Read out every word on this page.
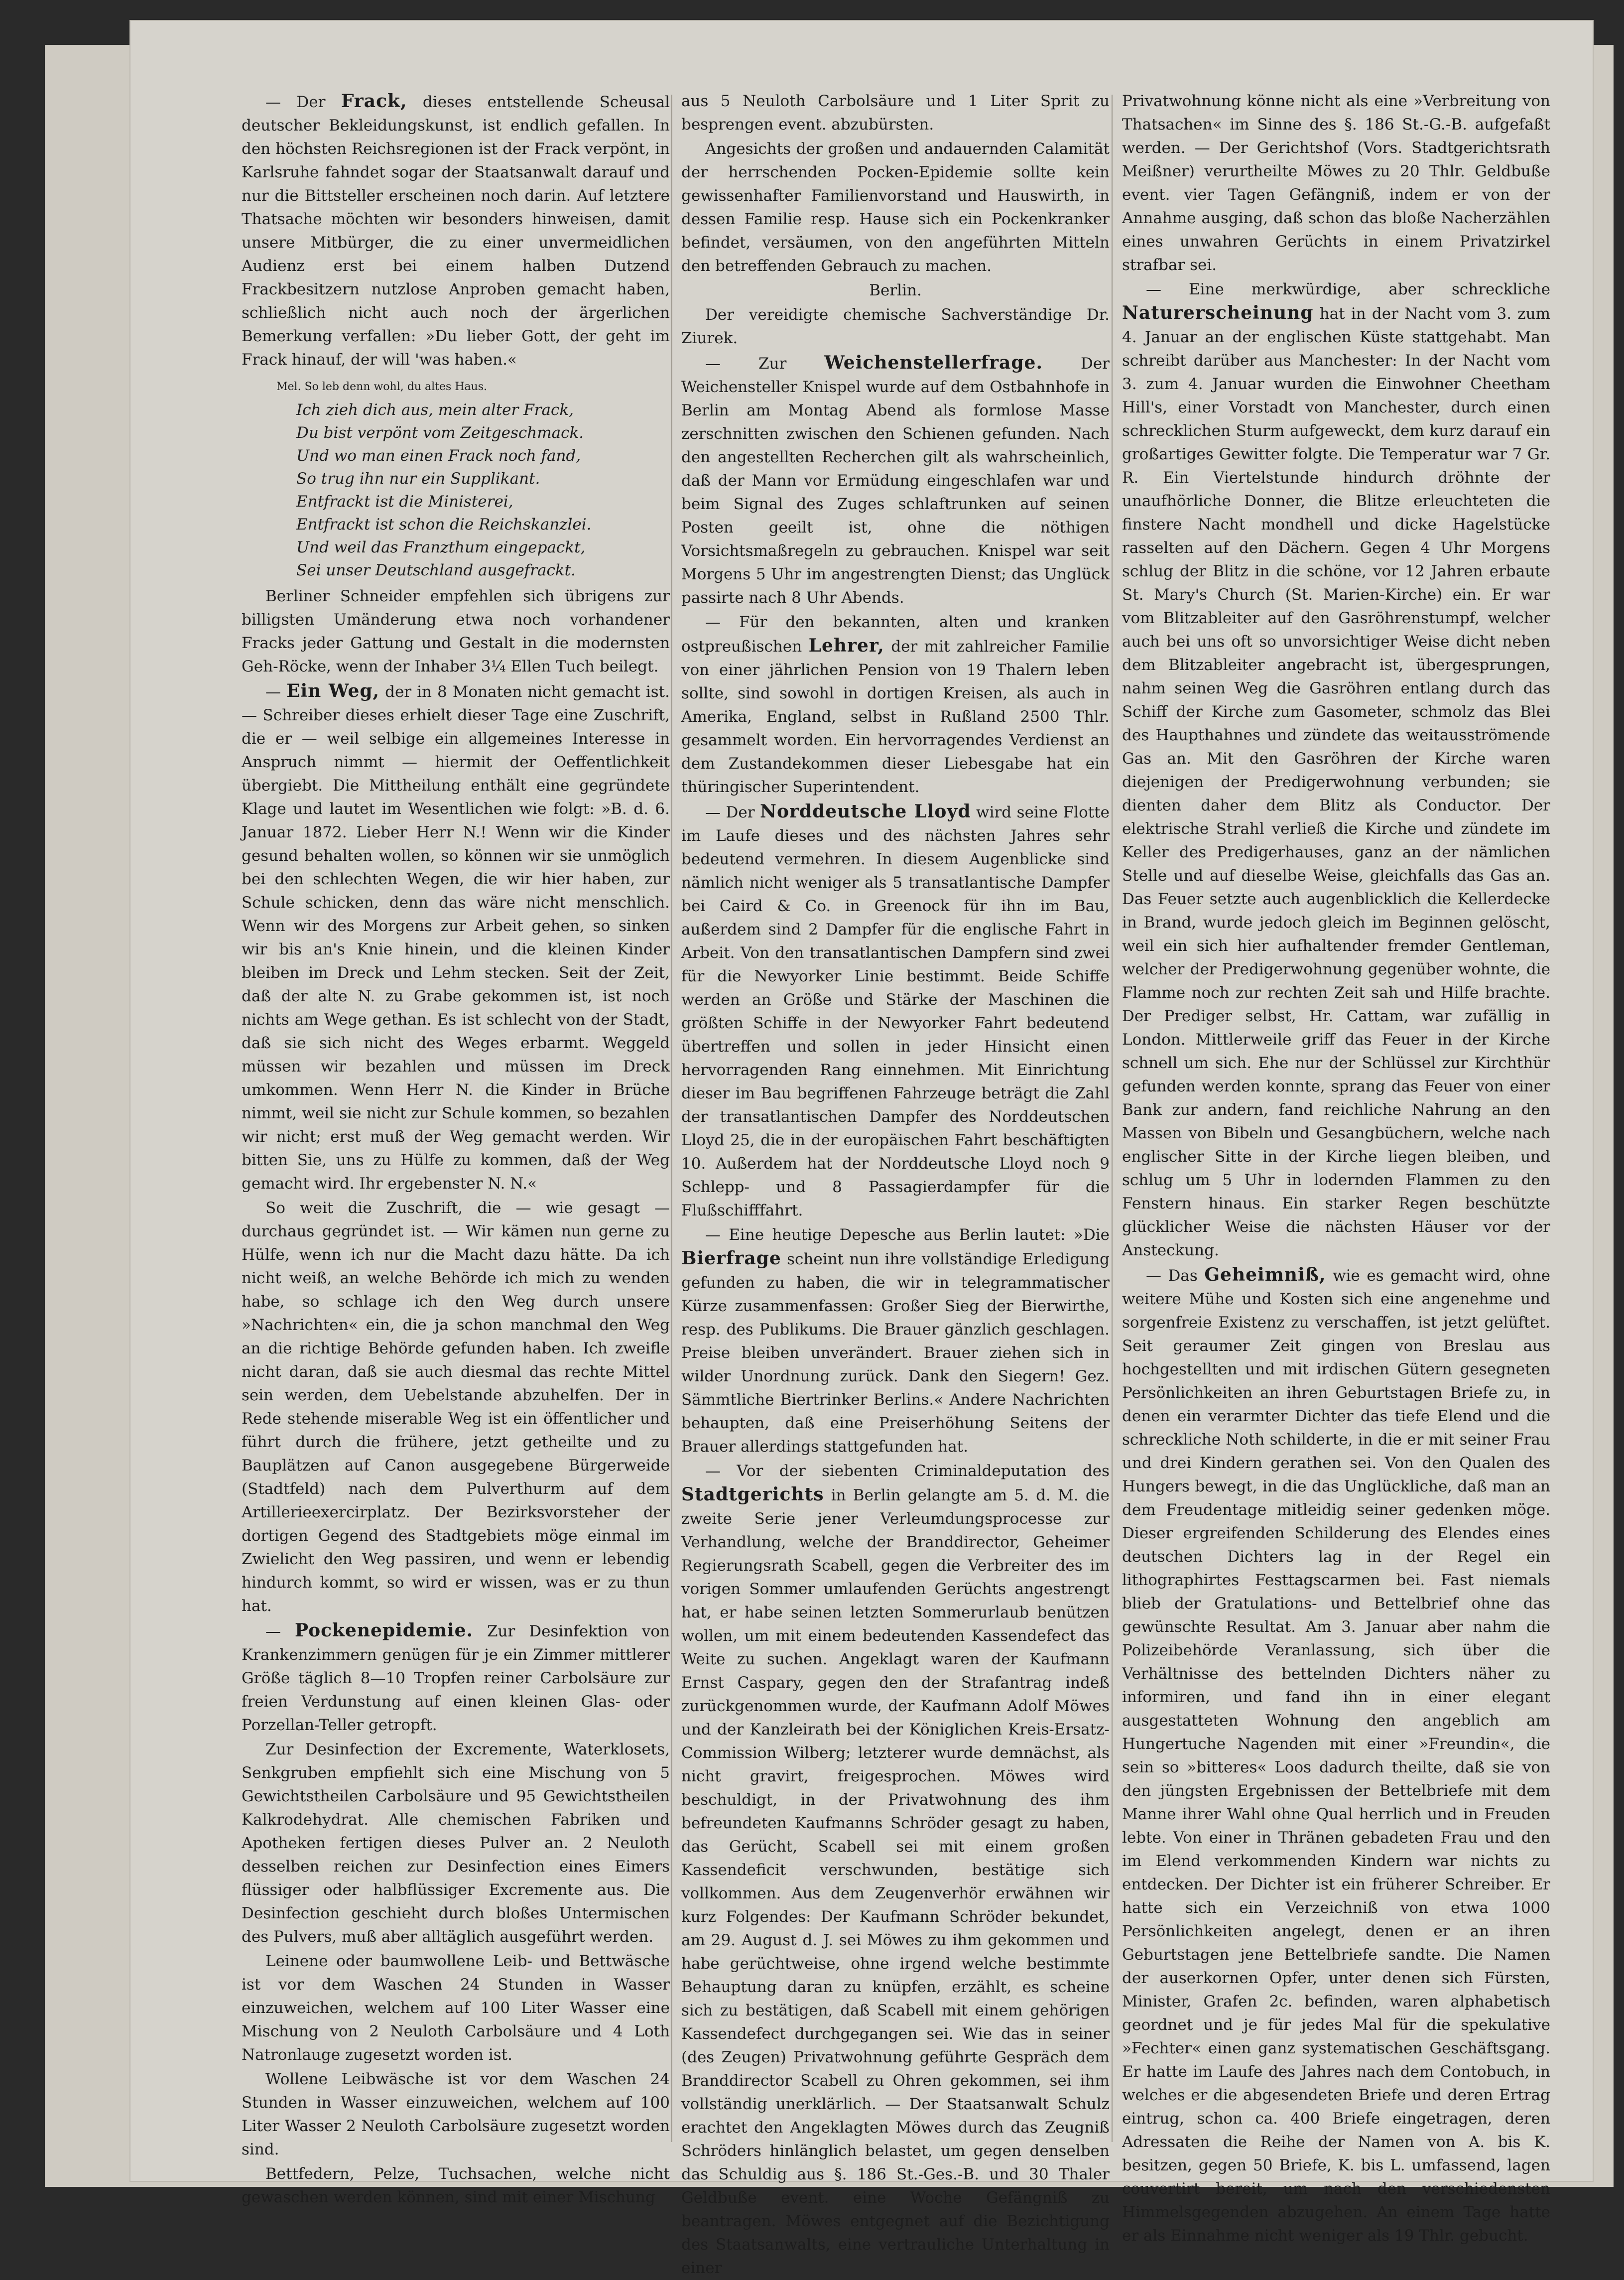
— Der Frack, dieses entstellende Scheusal deutscher Bekleidungskunst, ist endlich gefallen. In den höchsten Reichsregionen ist der Frack verpönt, in Karlsruhe fahndet sogar der Staatsanwalt darauf und nur die Bittsteller erscheinen noch darin. Auf letztere Thatsache möchten wir besonders hinweisen, damit unsere Mitbürger, die zu einer unvermeidlichen Audienz erst bei einem halben Dutzend Frackbesitzern nutzlose Anproben gemacht haben, schließlich nicht auch noch der ärgerlichen Bemerkung verfallen: »Du lieber Gott, der geht im Frack hinauf, der will 'was haben.«

Mel. So leb denn wohl, du altes Haus.
Ich zieh dich aus, mein alter Frack,
Du bist verpönt vom Zeitgeschmack.
Und wo man einen Frack noch fand,
So trug ihn nur ein Supplikant.
Entfrackt ist die Ministerei,
Entfrackt ist schon die Reichskanzlei.
Und weil das Franzthum eingepackt,
Sei unser Deutschland ausgefrackt.

Berliner Schneider empfehlen sich übrigens zur billigsten Umänderung etwa noch vorhandener Fracks jeder Gattung und Gestalt in die modernsten Geh-Röcke, wenn der Inhaber 3¼ Ellen Tuch beilegt.

— Ein Weg, der in 8 Monaten nicht gemacht ist. — Schreiber dieses erhielt dieser Tage eine Zuschrift, die er — weil selbige ein allgemeines Interesse in Anspruch nimmt — hiermit der Oeffentlichkeit übergiebt. Die Mittheilung enthält eine gegründete Klage und lautet im Wesentlichen wie folgt: »B. d. 6. Januar 1872. Lieber Herr N.! Wenn wir die Kinder gesund behalten wollen, so können wir sie unmöglich bei den schlechten Wegen, die wir hier haben, zur Schule schicken, denn das wäre nicht menschlich. Wenn wir des Morgens zur Arbeit gehen, so sinken wir bis an's Knie hinein, und die kleinen Kinder bleiben im Dreck und Lehm stecken. Seit der Zeit, daß der alte N. zu Grabe gekommen ist, ist noch nichts am Wege gethan. Es ist schlecht von der Stadt, daß sie sich nicht des Weges erbarmt. Weggeld müssen wir bezahlen und müssen im Dreck umkommen. Wenn Herr N. die Kinder in Brüche nimmt, weil sie nicht zur Schule kommen, so bezahlen wir nicht; erst muß der Weg gemacht werden. Wir bitten Sie, uns zu Hülfe zu kommen, daß der Weg gemacht wird. Ihr ergebenster N. N.«

So weit die Zuschrift, die — wie gesagt — durchaus gegründet ist. — Wir kämen nun gerne zu Hülfe, wenn ich nur die Macht dazu hätte. Da ich nicht weiß, an welche Behörde ich mich zu wenden habe, so schlage ich den Weg durch unsere »Nachrichten« ein, die ja schon manchmal den Weg an die richtige Behörde gefunden haben. Ich zweifle nicht daran, daß sie auch diesmal das rechte Mittel sein werden, dem Uebelstande abzuhelfen. Der in Rede stehende miserable Weg ist ein öffentlicher und führt durch die frühere, jetzt getheilte und zu Bauplätzen auf Canon ausgegebene Bürgerweide (Stadtfeld) nach dem Pulverthurm auf dem Artillerieexercirplatz. Der Bezirksvorsteher der dortigen Gegend des Stadtgebiets möge einmal im Zwielicht den Weg passiren, und wenn er lebendig hindurch kommt, so wird er wissen, was er zu thun hat.

— Pockenepidemie. Zur Desinfektion von Krankenzimmern genügen für je ein Zimmer mittlerer Größe täglich 8—10 Tropfen reiner Carbolsäure zur freien Verdunstung auf einen kleinen Glas- oder Porzellan-Teller getropft.

Zur Desinfection der Excremente, Waterklosets, Senkgruben empfiehlt sich eine Mischung von 5 Gewichtstheilen Carbolsäure und 95 Gewichtstheilen Kalkrodehydrat. Alle chemischen Fabriken und Apotheken fertigen dieses Pulver an. 2 Neuloth desselben reichen zur Desinfection eines Eimers flüssiger oder halbflüssiger Excremente aus. Die Desinfection geschieht durch bloßes Untermischen des Pulvers, muß aber alltäglich ausgeführt werden.

Leinene oder baumwollene Leib- und Bettwäsche ist vor dem Waschen 24 Stunden in Wasser einzuweichen, welchem auf 100 Liter Wasser eine Mischung von 2 Neuloth Carbolsäure und 4 Loth Natronlauge zugesetzt worden ist.

Wollene Leibwäsche ist vor dem Waschen 24 Stunden in Wasser einzuweichen, welchem auf 100 Liter Wasser 2 Neuloth Carbolsäure zugesetzt worden sind.

Bettfedern, Pelze, Tuchsachen, welche nicht gewaschen werden können, sind mit einer Mischung

aus 5 Neuloth Carbolsäure und 1 Liter Sprit zu besprengen event. abzubürsten.

Angesichts der großen und andauernden Calamität der herrschenden Pocken-Epidemie sollte kein gewissenhafter Familienvorstand und Hauswirth, in dessen Familie resp. Hause sich ein Pockenkranker befindet, versäumen, von den angeführten Mitteln den betreffenden Gebrauch zu machen.

Berlin.

Der vereidigte chemische Sachverständige Dr. Ziurek.

— Zur Weichenstellerfrage. Der Weichensteller Knispel wurde auf dem Ostbahnhofe in Berlin am Montag Abend als formlose Masse zerschnitten zwischen den Schienen gefunden. Nach den angestellten Recherchen gilt als wahrscheinlich, daß der Mann vor Ermüdung eingeschlafen war und beim Signal des Zuges schlaftrunken auf seinen Posten geeilt ist, ohne die nöthigen Vorsichtsmaßregeln zu gebrauchen. Knispel war seit Morgens 5 Uhr im angestrengten Dienst; das Unglück passirte nach 8 Uhr Abends.

— Für den bekannten, alten und kranken ostpreußischen Lehrer, der mit zahlreicher Familie von einer jährlichen Pension von 19 Thalern leben sollte, sind sowohl in dortigen Kreisen, als auch in Amerika, England, selbst in Rußland 2500 Thlr. gesammelt worden. Ein hervorragendes Verdienst an dem Zustandekommen dieser Liebesgabe hat ein thüringischer Superintendent.

— Der Norddeutsche Lloyd wird seine Flotte im Laufe dieses und des nächsten Jahres sehr bedeutend vermehren. In diesem Augenblicke sind nämlich nicht weniger als 5 transatlantische Dampfer bei Caird & Co. in Greenock für ihn im Bau, außerdem sind 2 Dampfer für die englische Fahrt in Arbeit. Von den transatlantischen Dampfern sind zwei für die Newyorker Linie bestimmt. Beide Schiffe werden an Größe und Stärke der Maschinen die größten Schiffe in der Newyorker Fahrt bedeutend übertreffen und sollen in jeder Hinsicht einen hervorragenden Rang einnehmen. Mit Einrichtung dieser im Bau begriffenen Fahrzeuge beträgt die Zahl der transatlantischen Dampfer des Norddeutschen Lloyd 25, die in der europäischen Fahrt beschäftigten 10. Außerdem hat der Norddeutsche Lloyd noch 9 Schlepp- und 8 Passagierdampfer für die Flußschifffahrt.

— Eine heutige Depesche aus Berlin lautet: »Die Bierfrage scheint nun ihre vollständige Erledigung gefunden zu haben, die wir in telegrammatischer Kürze zusammenfassen: Großer Sieg der Bierwirthe, resp. des Publikums. Die Brauer gänzlich geschlagen. Preise bleiben unverändert. Brauer ziehen sich in wilder Unordnung zurück. Dank den Siegern! Gez. Sämmtliche Biertrinker Berlins.« Andere Nachrichten behaupten, daß eine Preiserhöhung Seitens der Brauer allerdings stattgefunden hat.

— Vor der siebenten Criminaldeputation des Stadtgerichts in Berlin gelangte am 5. d. M. die zweite Serie jener Verleumdungsprocesse zur Verhandlung, welche der Branddirector, Geheimer Regierungsrath Scabell, gegen die Verbreiter des im vorigen Sommer umlaufenden Gerüchts angestrengt hat, er habe seinen letzten Sommerurlaub benützen wollen, um mit einem bedeutenden Kassendefect das Weite zu suchen. Angeklagt waren der Kaufmann Ernst Caspary, gegen den der Strafantrag indeß zurückgenommen wurde, der Kaufmann Adolf Möwes und der Kanzleirath bei der Königlichen Kreis-Ersatz-Commission Wilberg; letzterer wurde demnächst, als nicht gravirt, freigesprochen. Möwes wird beschuldigt, in der Privatwohnung des ihm befreundeten Kaufmanns Schröder gesagt zu haben, das Gerücht, Scabell sei mit einem großen Kassendeficit verschwunden, bestätige sich vollkommen. Aus dem Zeugenverhör erwähnen wir kurz Folgendes: Der Kaufmann Schröder bekundet, am 29. August d. J. sei Möwes zu ihm gekommen und habe gerüchtweise, ohne irgend welche bestimmte Behauptung daran zu knüpfen, erzählt, es scheine sich zu bestätigen, daß Scabell mit einem gehörigen Kassendefect durchgegangen sei. Wie das in seiner (des Zeugen) Privatwohnung geführte Gespräch dem Branddirector Scabell zu Ohren gekommen, sei ihm vollständig unerklärlich. — Der Staatsanwalt Schulz erachtet den Angeklagten Möwes durch das Zeugniß Schröders hinlänglich belastet, um gegen denselben das Schuldig aus §. 186 St.-Ges.-B. und 30 Thaler Geldbuße event. eine Woche Gefängniß zu beantragen. Möwes entgegnet auf die Bezichtigung des Staatsanwalts, eine vertrauliche Unterhaltung in einer

Privatwohnung könne nicht als eine »Verbreitung von Thatsachen« im Sinne des §. 186 St.-G.-B. aufgefaßt werden. — Der Gerichtshof (Vors. Stadtgerichtsrath Meißner) verurtheilte Möwes zu 20 Thlr. Geldbuße event. vier Tagen Gefängniß, indem er von der Annahme ausging, daß schon das bloße Nacherzählen eines unwahren Gerüchts in einem Privatzirkel strafbar sei.

— Eine merkwürdige, aber schreckliche Naturerscheinung hat in der Nacht vom 3. zum 4. Januar an der englischen Küste stattgehabt. Man schreibt darüber aus Manchester: In der Nacht vom 3. zum 4. Januar wurden die Einwohner Cheetham Hill's, einer Vorstadt von Manchester, durch einen schrecklichen Sturm aufgeweckt, dem kurz darauf ein großartiges Gewitter folgte. Die Temperatur war 7 Gr. R. Ein Viertelstunde hindurch dröhnte der unaufhörliche Donner, die Blitze erleuchteten die finstere Nacht mondhell und dicke Hagelstücke rasselten auf den Dächern. Gegen 4 Uhr Morgens schlug der Blitz in die schöne, vor 12 Jahren erbaute St. Mary's Church (St. Marien-Kirche) ein. Er war vom Blitzableiter auf den Gasröhrenstumpf, welcher auch bei uns oft so unvorsichtiger Weise dicht neben dem Blitzableiter angebracht ist, übergesprungen, nahm seinen Weg die Gasröhren entlang durch das Schiff der Kirche zum Gasometer, schmolz das Blei des Haupthahnes und zündete das weitausströmende Gas an. Mit den Gasröhren der Kirche waren diejenigen der Predigerwohnung verbunden; sie dienten daher dem Blitz als Conductor. Der elektrische Strahl verließ die Kirche und zündete im Keller des Predigerhauses, ganz an der nämlichen Stelle und auf dieselbe Weise, gleichfalls das Gas an. Das Feuer setzte auch augenblicklich die Kellerdecke in Brand, wurde jedoch gleich im Beginnen gelöscht, weil ein sich hier aufhaltender fremder Gentleman, welcher der Predigerwohnung gegenüber wohnte, die Flamme noch zur rechten Zeit sah und Hilfe brachte. Der Prediger selbst, Hr. Cattam, war zufällig in London. Mittlerweile griff das Feuer in der Kirche schnell um sich. Ehe nur der Schlüssel zur Kirchthür gefunden werden konnte, sprang das Feuer von einer Bank zur andern, fand reichliche Nahrung an den Massen von Bibeln und Gesangbüchern, welche nach englischer Sitte in der Kirche liegen bleiben, und schlug um 5 Uhr in lodernden Flammen zu den Fenstern hinaus. Ein starker Regen beschützte glücklicher Weise die nächsten Häuser vor der Ansteckung.

— Das Geheimniß, wie es gemacht wird, ohne weitere Mühe und Kosten sich eine angenehme und sorgenfreie Existenz zu verschaffen, ist jetzt gelüftet. Seit geraumer Zeit gingen von Breslau aus hochgestellten und mit irdischen Gütern gesegneten Persönlichkeiten an ihren Geburtstagen Briefe zu, in denen ein verarmter Dichter das tiefe Elend und die schreckliche Noth schilderte, in die er mit seiner Frau und drei Kindern gerathen sei. Von den Qualen des Hungers bewegt, in die das Unglückliche, daß man an dem Freudentage mitleidig seiner gedenken möge. Dieser ergreifenden Schilderung des Elendes eines deutschen Dichters lag in der Regel ein lithographirtes Festtagscarmen bei. Fast niemals blieb der Gratulations- und Bettelbrief ohne das gewünschte Resultat. Am 3. Januar aber nahm die Polizeibehörde Veranlassung, sich über die Verhältnisse des bettelnden Dichters näher zu informiren, und fand ihn in einer elegant ausgestatteten Wohnung den angeblich am Hungertuche Nagenden mit einer »Freundin«, die sein so »bitteres« Loos dadurch theilte, daß sie von den jüngsten Ergebnissen der Bettelbriefe mit dem Manne ihrer Wahl ohne Qual herrlich und in Freuden lebte. Von einer in Thränen gebadeten Frau und den im Elend verkommenden Kindern war nichts zu entdecken. Der Dichter ist ein früherer Schreiber. Er hatte sich ein Verzeichniß von etwa 1000 Persönlichkeiten angelegt, denen er an ihren Geburtstagen jene Bettelbriefe sandte. Die Namen der auserkornen Opfer, unter denen sich Fürsten, Minister, Grafen 2c. befinden, waren alphabetisch geordnet und je für jedes Mal für die spekulative »Fechter« einen ganz systematischen Geschäftsgang. Er hatte im Laufe des Jahres nach dem Contobuch, in welches er die abgesendeten Briefe und deren Ertrag eintrug, schon ca. 400 Briefe eingetragen, deren Adressaten die Reihe der Namen von A. bis K. besitzen, gegen 50 Briefe, K. bis L. umfassend, lagen couvertirt bereit, um nach den verschiedensten Himmelsgegenden abzugehen. An einem Tage hatte er als Einnahme nicht weniger als 19 Thlr. gebucht.
